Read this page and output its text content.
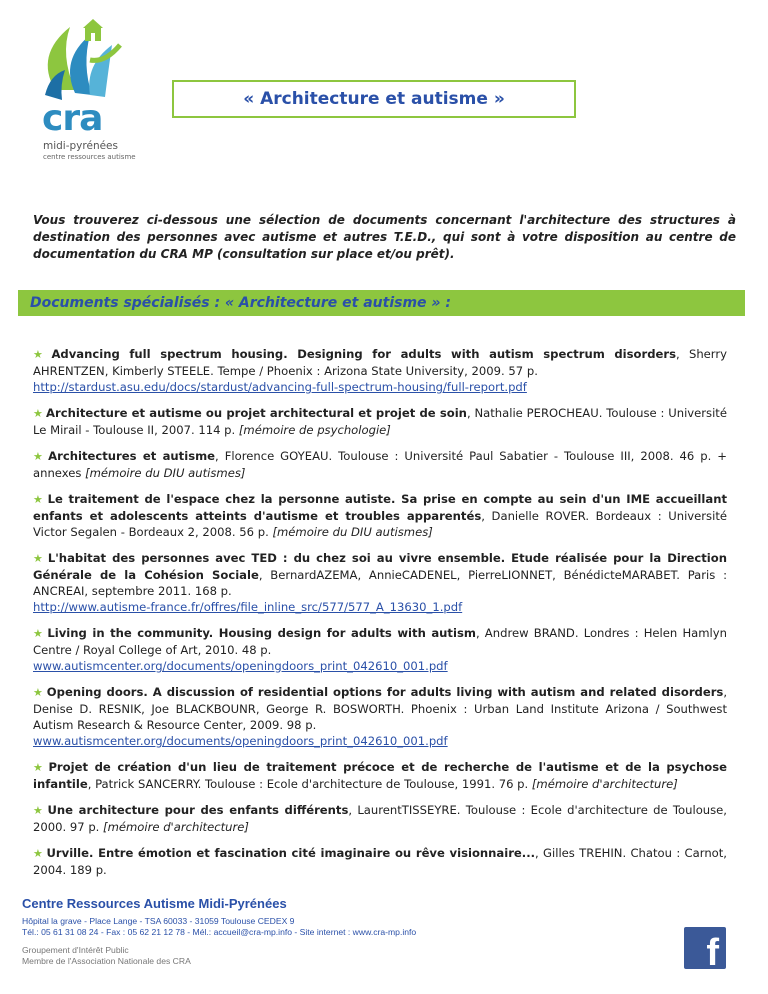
cra
midi-pyrénées
centre ressources autisme
« Architecture et autisme »
Vous trouverez ci-dessous une sélection de documents concernant l'architecture des structures à destination des personnes avec autisme et autres T.E.D., qui sont à votre disposition au centre de documentation du CRA MP (consultation sur place et/ou prêt).
Documents spécialisés : « Architecture et autisme » :
★ Advancing full spectrum housing. Designing for adults with autism spectrum disorders, Sherry AHRENTZEN, Kimberly STEELE. Tempe / Phoenix : Arizona State University, 2009. 57 p.
http://stardust.asu.edu/docs/stardust/advancing-full-spectrum-housing/full-report.pdf
★ Architecture et autisme ou projet architectural et projet de soin, Nathalie PEROCHEAU. Toulouse : Université Le Mirail - Toulouse II, 2007. 114 p. [mémoire de psychologie]
★ Architectures et autisme, Florence GOYEAU. Toulouse : Université Paul Sabatier - Toulouse III, 2008. 46 p. + annexes [mémoire du DIU autismes]
★ Le traitement de l'espace chez la personne autiste. Sa prise en compte au sein d'un IME accueillant enfants et adolescents atteints d'autisme et troubles apparentés, Danielle ROVER. Bordeaux : Université Victor Segalen - Bordeaux 2, 2008. 56 p. [mémoire du DIU autismes]
★ L'habitat des personnes avec TED : du chez soi au vivre ensemble. Etude réalisée pour la Direction Générale de la Cohésion Sociale, BernardAZEMA, AnnieCADENEL, PierreLIONNET, BénédicteMARABET. Paris : ANCREAI, septembre 2011. 168 p.
http://www.autisme-france.fr/offres/file_inline_src/577/577_A_13630_1.pdf
★ Living in the community. Housing design for adults with autism, Andrew BRAND. Londres : Helen Hamlyn Centre / Royal College of Art, 2010. 48 p.
www.autismcenter.org/documents/openingdoors_print_042610_001.pdf
★ Opening doors. A discussion of residential options for adults living with autism and related disorders, Denise D. RESNIK, Joe BLACKBOUNR, George R. BOSWORTH. Phoenix : Urban Land Institute Arizona / Southwest Autism Research & Resource Center, 2009. 98 p.
www.autismcenter.org/documents/openingdoors_print_042610_001.pdf
★ Projet de création d'un lieu de traitement précoce et de recherche de l'autisme et de la psychose infantile, Patrick SANCERRY. Toulouse : Ecole d'architecture de Toulouse, 1991. 76 p. [mémoire d'architecture]
★ Une architecture pour des enfants différents, LaurentTISSEYRE. Toulouse : Ecole d'architecture de Toulouse, 2000. 97 p. [mémoire d'architecture]
★ Urville. Entre émotion et fascination cité imaginaire ou rêve visionnaire..., Gilles TREHIN. Chatou : Carnot, 2004. 189 p.
Centre Ressources Autisme Midi-Pyrénées
Hôpital la grave - Place Lange - TSA 60033 - 31059 Toulouse CEDEX 9
Tél.: 05 61 31 08 24 - Fax : 05 62 21 12 78 - Mél.: accueil@cra-mp.info - Site internet : www.cra-mp.info
Groupement d'Intérêt Public
Membre de l'Association Nationale des CRA	f
